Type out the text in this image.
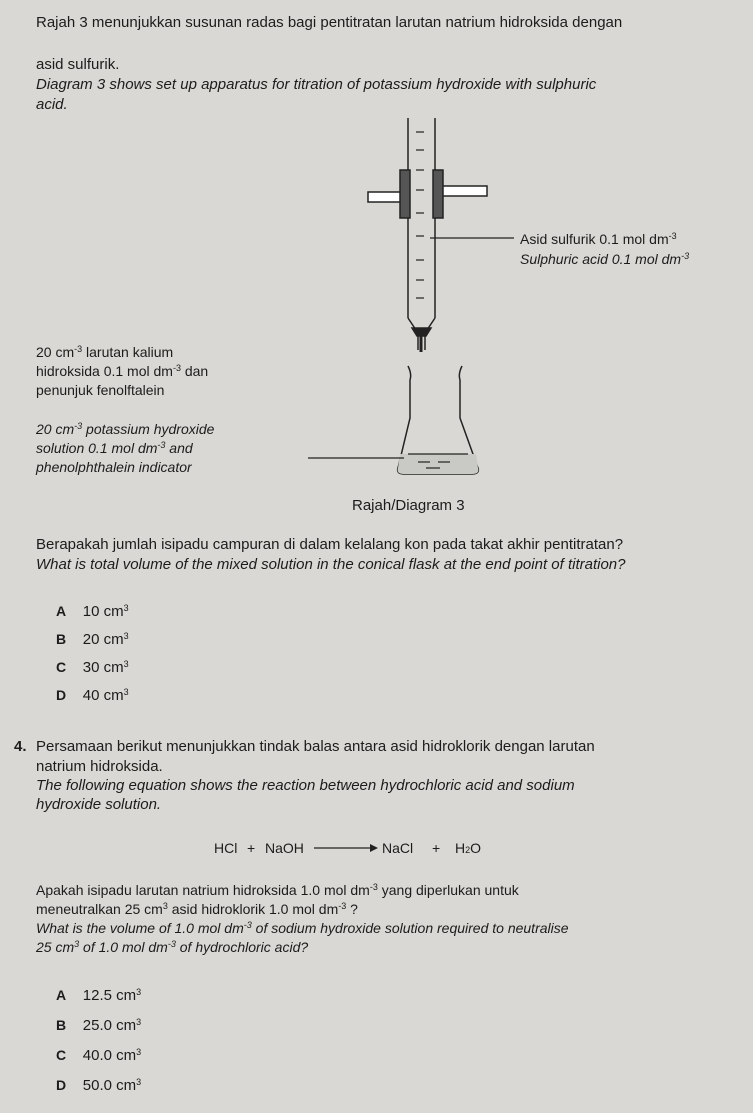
Rajah 3 menunjukkan susunan radas bagi pentitratan larutan natrium hidroksida dengan
asid sulfurik.
Diagram 3 shows set up apparatus for titration of potassium hydroxide with sulphuric
acid.
Asid sulfurik 0.1 mol $dm^{-3}$
Sulphuric acid 0.1 mol $dm^{-3}$
20 $cm^{-3}$ larutan kalium
hidroksida 0.1 mol $dm^{-3}$ dan
penunjuk fenolftalein
20 $cm^{-3}$ potassium hydroxide
solution 0.1 mol $dm^{-3}$ and
phenolphthalein indicator
Rajah/Diagram 3
Berapakah jumlah isipadu campuran di dalam kelalang kon pada takat akhir pentitratan?
What is total volume of the mixed solution in the conical flask at the end point of titration?
A 10 $cm^3$
B 20 $cm^3$
C 30 $cm^3$
D 40 $cm^3$
4. Persamaan berikut menunjukkan tindak balas antara asid hidroklorik dengan larutan
natrium hidroksida.
The following equation shows the reaction between hydrochloric acid and sodium
hydroxide solution.
HCl + NaOH	NaCl + $H_2O$
Apakah isipadu larutan natrium hidroksida 1.0 mol $dm^{-3}$ yang diperlukan untuk
meneutralkan 25 $cm^3$ asid hidroklorik 1.0 mol $dm^{-3}$ ?
What is the volume of 1.0 mol $dm^{-3}$ of sodium hydroxide solution required to neutralise
25 $cm^3$ of 1.0 mol $dm^{-3}$ of hydrochloric acid?
A 12.5 $cm^3$
B 25.0 $cm^3$
C 40.0 $cm^3$
D 50.0 $cm^3$
